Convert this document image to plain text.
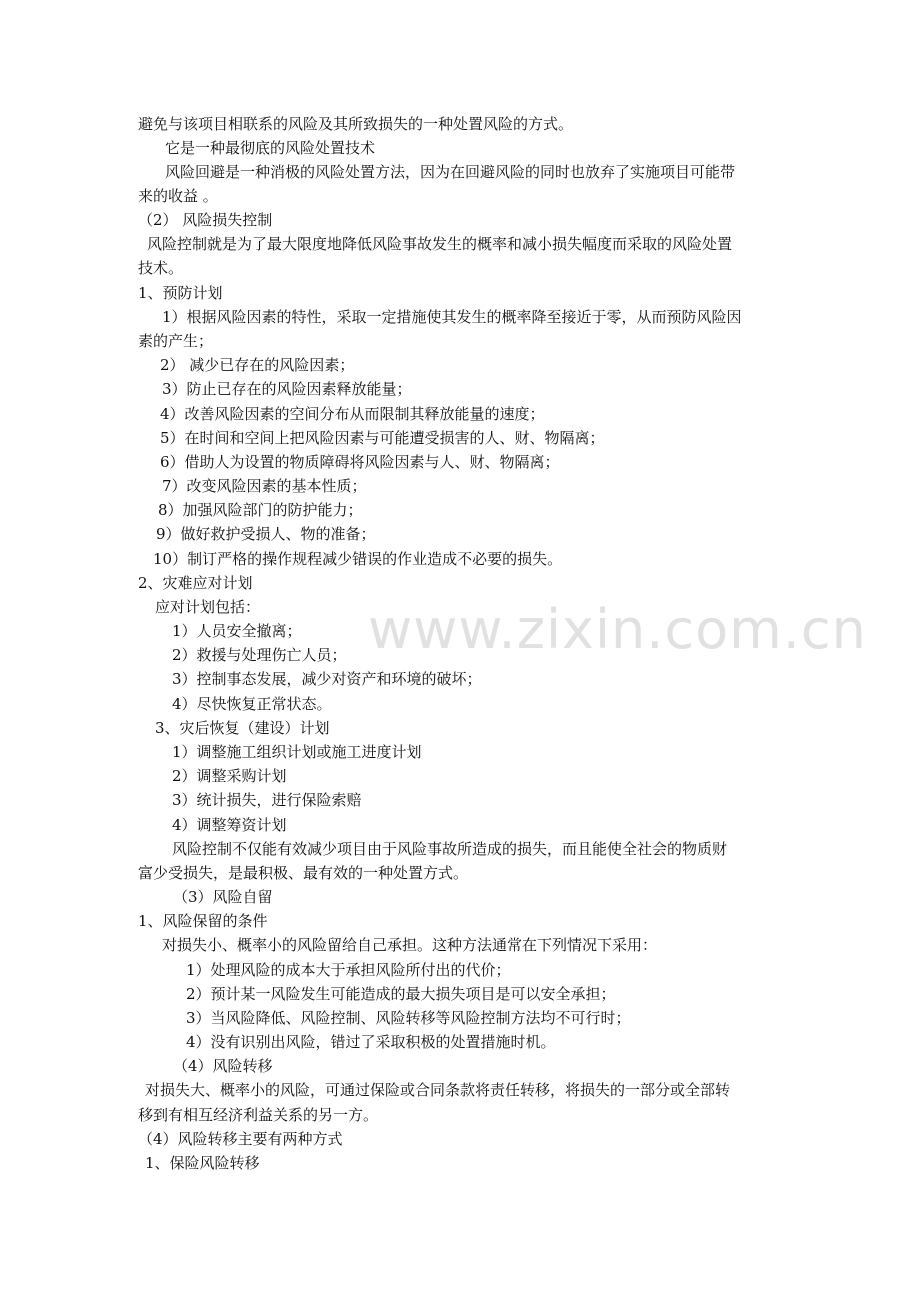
www.zixin.com.cn
避免与该项目相联系的风险及其所致损失的一种处置风险的方式。
它是一种最彻底的风险处置技术
风险回避是一种消极的风险处置方法，因为在回避风险的同时也放弃了实施项目可能带
来的收益 。
（2） 风险损失控制
风险控制就是为了最大限度地降低风险事故发生的概率和减小损失幅度而采取的风险处置
技术。
1、预防计划
1）根据风险因素的特性，采取一定措施使其发生的概率降至接近于零，从而预防风险因
素的产生；
2） 减少已存在的风险因素；
3）防止已存在的风险因素释放能量；
4）改善风险因素的空间分布从而限制其释放能量的速度；
5）在时间和空间上把风险因素与可能遭受损害的人、财、物隔离；
6）借助人为设置的物质障碍将风险因素与人、财、物隔离；
7）改变风险因素的基本性质；
8）加强风险部门的防护能力；
9）做好救护受损人、物的准备；
10）制订严格的操作规程减少错误的作业造成不必要的损失。
2、灾难应对计划
应对计划包括：
1）人员安全撤离；
2）救援与处理伤亡人员；
3）控制事态发展，减少对资产和环境的破坏；
4）尽快恢复正常状态。
3、灾后恢复（建设）计划
1）调整施工组织计划或施工进度计划
2）调整采购计划
3）统计损失，进行保险索赔
4）调整筹资计划
风险控制不仅能有效减少项目由于风险事故所造成的损失，而且能使全社会的物质财
富少受损失，是最积极、最有效的一种处置方式。
（3）风险自留
1、风险保留的条件
对损失小、概率小的风险留给自己承担。这种方法通常在下列情况下采用：
1）处理风险的成本大于承担风险所付出的代价；
2）预计某一风险发生可能造成的最大损失项目是可以安全承担；
3）当风险降低、风险控制、风险转移等风险控制方法均不可行时；
4）没有识别出风险，错过了采取积极的处置措施时机。
（4）风险转移
对损失大、概率小的风险，可通过保险或合同条款将责任转移，将损失的一部分或全部转
移到有相互经济利益关系的另一方。
（4）风险转移主要有两种方式
1、保险风险转移
